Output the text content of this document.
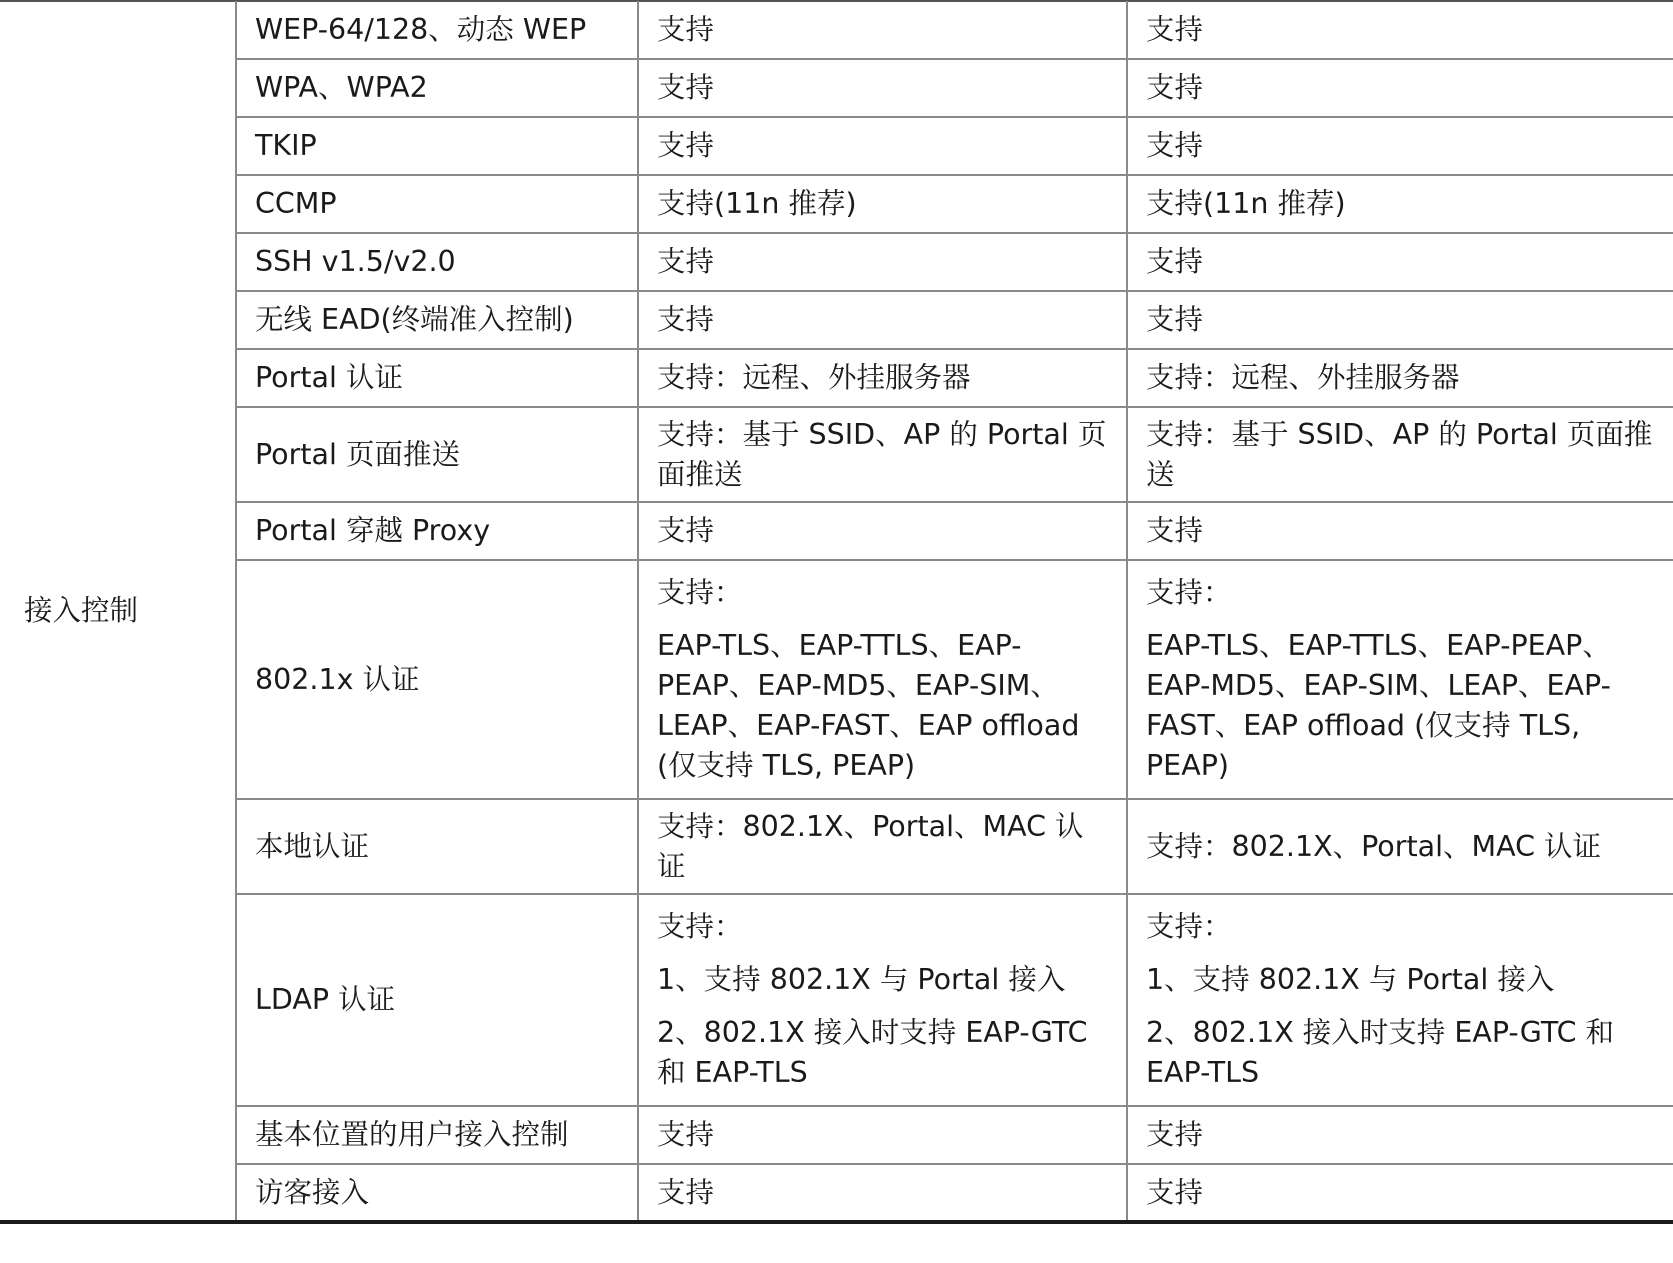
接入控制	WEP-64/128、动态 WEP	支持	支持

	WPA、WPA2	支持	支持

	TKIP	支持	支持

	CCMP	支持(11n 推荐)	支持(11n 推荐)

	SSH v1.5/v2.0	支持	支持

	无线 EAD(终端准入控制)	支持	支持

	Portal 认证	支持：远程、外挂服务器	支持：远程、外挂服务器

	Portal 页面推送	支持：基于 SSID、AP 的 Portal 页面推送	支持：基于 SSID、AP 的 Portal 页面推送

	Portal 穿越 Proxy	支持	支持

	802.1x 认证	支持：
EAP-TLS、EAP-TTLS、EAP-PEAP、EAP-MD5、EAP-SIM、LEAP、EAP-FAST、EAP offload (仅支持 TLS, PEAP)	支持：
EAP-TLS、EAP-TTLS、EAP-PEAP、EAP-MD5、EAP-SIM、LEAP、EAP-FAST、EAP offload (仅支持 TLS, PEAP)

	本地认证	支持：802.1X、Portal、MAC 认证	支持：802.1X、Portal、MAC 认证

	LDAP 认证	支持：
1、支持 802.1X 与 Portal 接入
2、802.1X 接入时支持 EAP-GTC 和 EAP-TLS	支持：
1、支持 802.1X 与 Portal 接入
2、802.1X 接入时支持 EAP-GTC 和 EAP-TLS

	基本位置的用户接入控制	支持	支持

	访客接入	支持	支持
